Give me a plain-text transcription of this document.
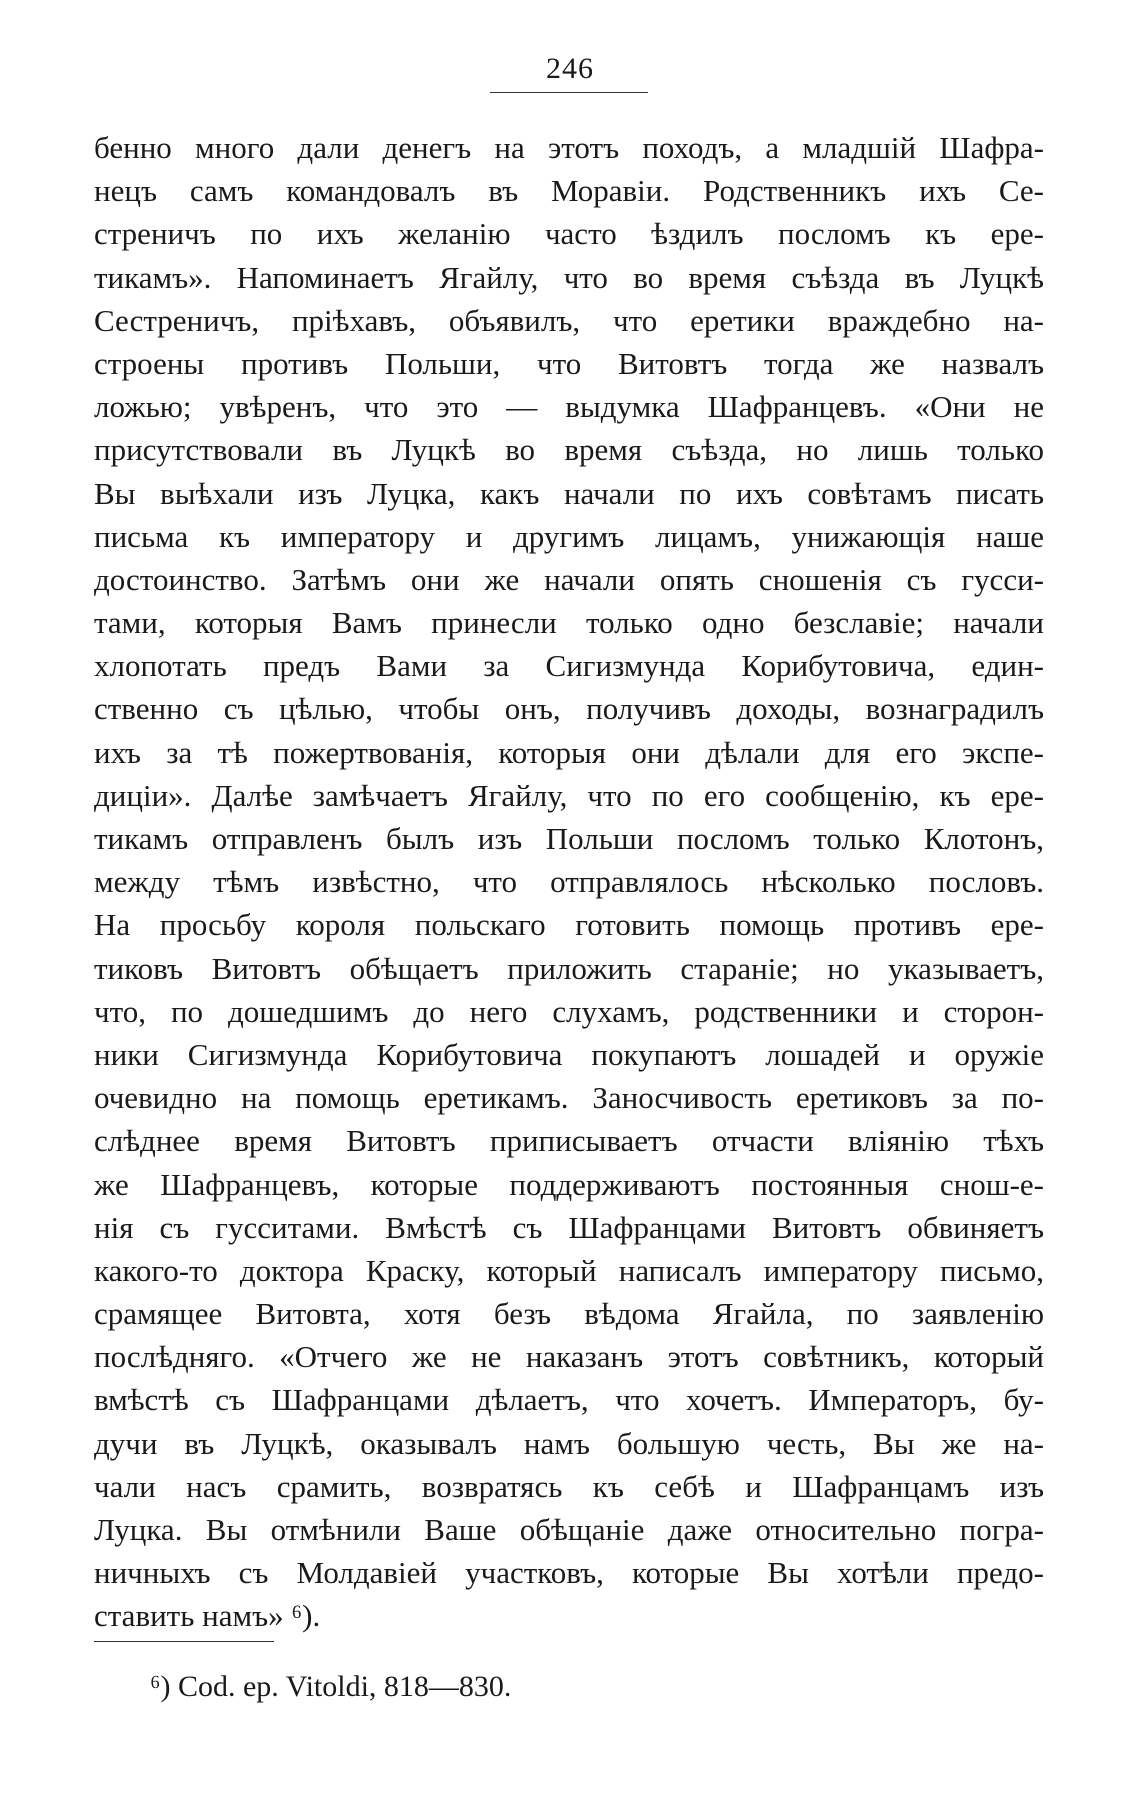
246
бенно много дали денегъ на этотъ походъ, а младшій Шафра-
нецъ самъ командовалъ въ Моравіи. Родственникъ ихъ Се-
стреничъ по ихъ желанію часто ѣздилъ посломъ къ ере-
тикамъ». Напоминаетъ Ягайлу, что во время съѣзда въ Луцкѣ
Сестреничъ, пріѣхавъ, объявилъ, что еретики враждебно на-
строены противъ Польши, что Витовтъ тогда же назвалъ
ложью; увѣренъ, что это — выдумка Шафранцевъ. «Они не
присутствовали въ Луцкѣ во время съѣзда, но лишь только
Вы выѣхали изъ Луцка, какъ начали по ихъ совѣтамъ писать
письма къ императору и другимъ лицамъ, унижающія наше
достоинство. Затѣмъ они же начали опять сношенія съ гусси-
тами, которыя Вамъ принесли только одно безславіе; начали
хлопотать предъ Вами за Сигизмунда Корибутовича, един-
ственно съ цѣлью, чтобы онъ, получивъ доходы, вознаградилъ
ихъ за тѣ пожертвованія, которыя они дѣлали для его экспе-
диціи». Далѣе замѣчаетъ Ягайлу, что по его сообщенію, къ ере-
тикамъ отправленъ былъ изъ Польши посломъ только Клотонъ,
между тѣмъ извѣстно, что отправлялось нѣсколько пословъ.
На просьбу короля польскаго готовить помощь противъ ере-
тиковъ Витовтъ обѣщаетъ приложить стараніе; но указываетъ,
что, по дошедшимъ до него слухамъ, родственники и сторон-
ники Сигизмунда Корибутовича покупаютъ лошадей и оружіе
очевидно на помощь еретикамъ. Заносчивость еретиковъ за по-
слѣднее время Витовтъ приписываетъ отчасти вліянію тѣхъ
же Шафранцевъ, которые поддерживаютъ постоянныя снош-е-
нія съ гусситами. Вмѣстѣ съ Шафранцами Витовтъ обвиняетъ
какого-то доктора Краску, который написалъ императору письмо,
срамящее Витовта, хотя безъ вѣдома Ягайла, по заявленію
послѣдняго. «Отчего же не наказанъ этотъ совѣтникъ, который
вмѣстѣ съ Шафранцами дѣлаетъ, что хочетъ. Императоръ, бу-
дучи въ Луцкѣ, оказывалъ намъ большую честь, Вы же на-
чали насъ срамить, возвратясь къ себѣ и Шафранцамъ изъ
Луцка. Вы отмѣнили Ваше обѣщаніе даже относительно погра-
ничныхъ съ Молдавіей участковъ, которые Вы хотѣли предо-
ставить намъ» ⁶).
⁶) Cod. ep. Vitoldi, 818—830.
